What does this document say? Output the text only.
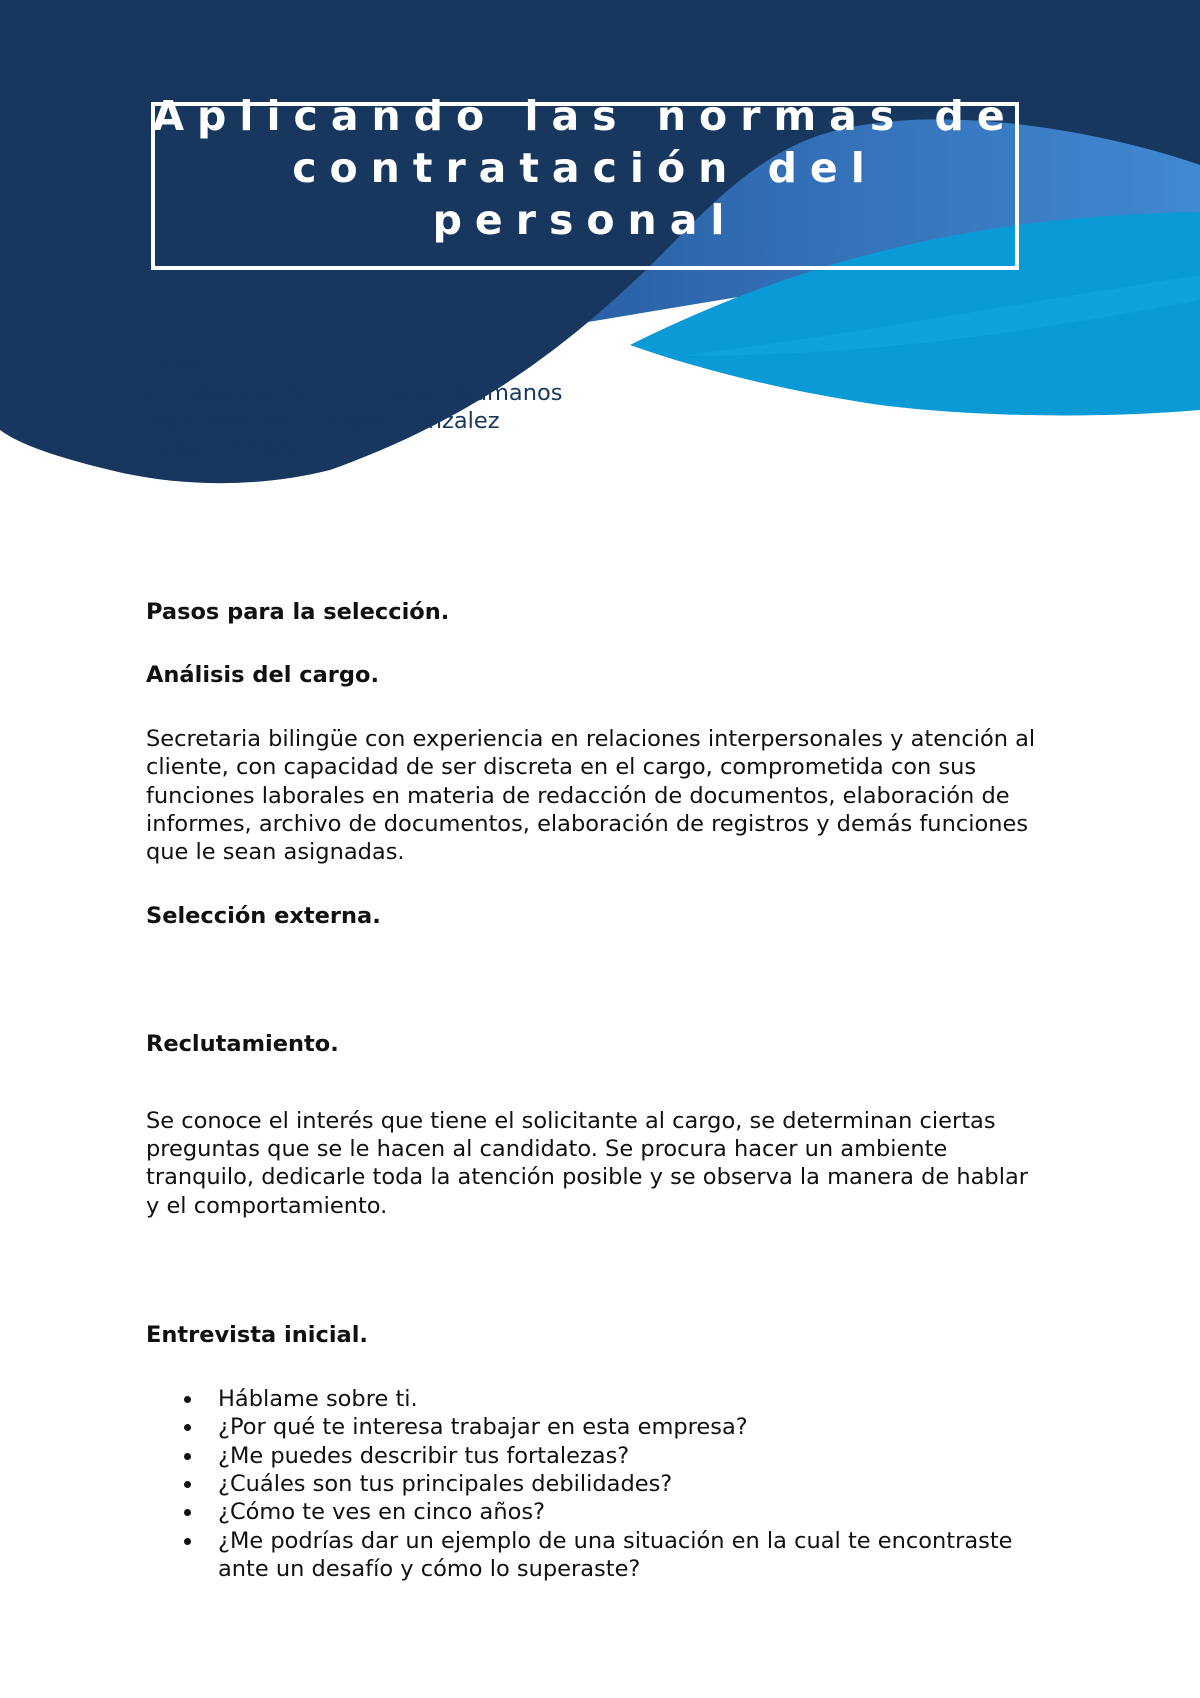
Aplicando las normas de contratación del personal
SENA
Administración de recursos humanos
Juan Francisco Vargas Gonzalez
Ficha: 2509003

Pasos para la selección.

Análisis del cargo.

Secretaria bilingüe con experiencia en relaciones interpersonales y atención al cliente, con capacidad de ser discreta en el cargo, comprometida con sus funciones laborales en materia de redacción de documentos, elaboración de informes, archivo de documentos, elaboración de registros y demás funciones que le sean asignadas.

Selección externa.

Reclutamiento.

Se conoce el interés que tiene el solicitante al cargo, se determinan ciertas preguntas que se le hacen al candidato. Se procura hacer un ambiente tranquilo, dedicarle toda la atención posible y se observa la manera de hablar y el comportamiento.

Entrevista inicial.

Háblame sobre ti.
¿Por qué te interesa trabajar en esta empresa?
¿Me puedes describir tus fortalezas?
¿Cuáles son tus principales debilidades?
¿Cómo te ves en cinco años?
¿Me podrías dar un ejemplo de una situación en la cual te encontraste ante un desafío y cómo lo superaste?
